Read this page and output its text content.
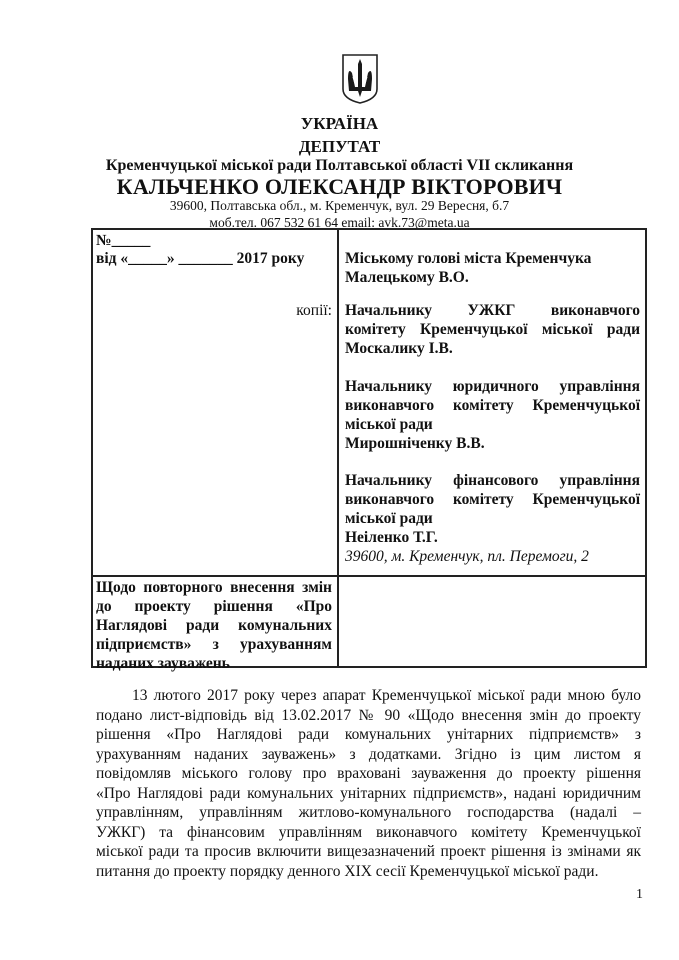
УКРАЇНА
ДЕПУТАТ
Кременчуцької міської ради Полтавської області VII скликання
КАЛЬЧЕНКО ОЛЕКСАНДР ВІКТОРОВИЧ
39600, Полтавська обл., м. Кременчук, вул. 29 Вересня, б.7
моб.тел. 067 532 61 64 email: avk.73@meta.ua
№_____
від «_____» _______ 2017 року
копії:
Міському голові міста Кременчука
Малецькому В.О.
Начальнику УЖКГ виконавчого
комітету Кременчуцької міської ради
Москалику І.В.
Начальнику юридичного управління
виконавчого комітету Кременчуцької
міської ради
Мирошніченку В.В.
Начальнику фінансового управління
виконавчого комітету Кременчуцької
міської ради
Неіленко Т.Г.
39600, м. Кременчук, пл. Перемоги, 2
Щодо повторного внесення змін
до проекту рішення «Про
Наглядові ради комунальних
підприємств» з урахуванням
наданих зауважень
13 лютого 2017 року через апарат Кременчуцької міської ради мною було
подано лист-відповідь від 13.02.2017 № 90 «Щодо внесення змін до проекту
рішення «Про Наглядові ради комунальних унітарних підприємств» з
урахуванням наданих зауважень» з додатками. Згідно із цим листом я
повідомляв міського голову про враховані зауваження до проекту рішення
«Про Наглядові ради комунальних унітарних підприємств», надані юридичним
управлінням, управлінням житлово-комунального господарства (надалі –
УЖКГ) та фінансовим управлінням виконавчого комітету Кременчуцької
міської ради та просив включити вищезазначений проект рішення із змінами як
питання до проекту порядку денного XIX сесії Кременчуцької міської ради.
1
